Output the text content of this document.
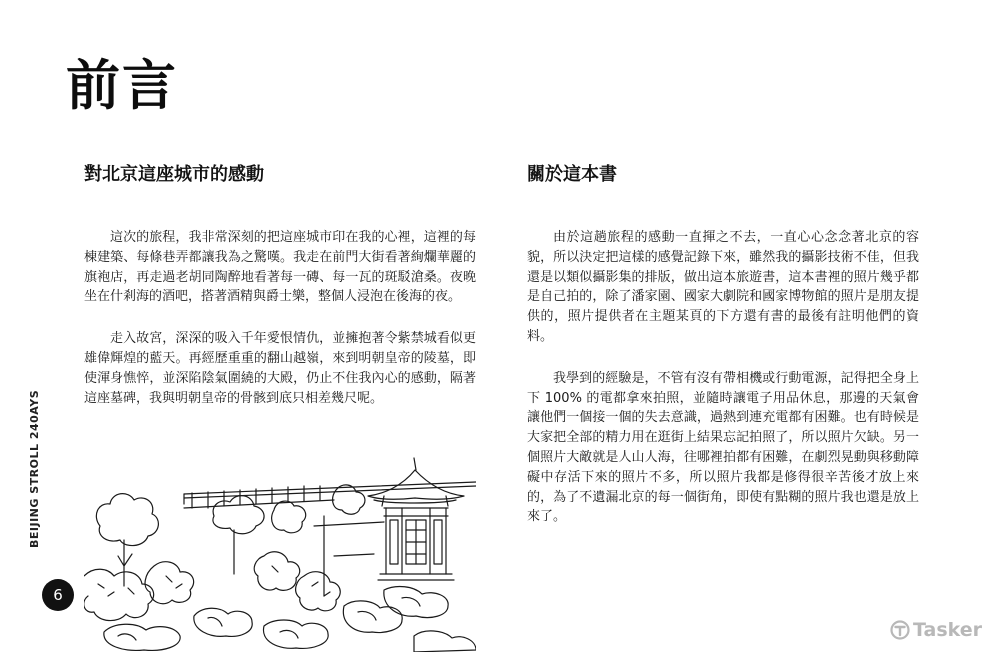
前言
對北京這座城市的感動

這次的旅程，我非常深刻的把這座城市印在我的心裡，這裡的每棟建築、每條巷弄都讓我為之驚嘆。我走在前門大街看著絢爛華麗的旗袍店，再走過老胡同陶醉地看著每一磚、每一瓦的斑駁滄桑。夜晚坐在什剎海的酒吧，搭著酒精與爵士樂，整個人浸泡在後海的夜。

走入故宮，深深的吸入千年愛恨情仇，並擁抱著令紫禁城看似更雄偉輝煌的藍天。再經歷重重的翻山越嶺，來到明朝皇帝的陵墓，即使渾身憔悴，並深陷陰氣圍繞的大殿，仍止不住我內心的感動，隔著這座墓碑，我與明朝皇帝的骨骸到底只相差幾尺呢。

關於這本書

由於這趟旅程的感動一直揮之不去，一直心心念念著北京的容貌，所以決定把這樣的感覺記錄下來，雖然我的攝影技術不佳，但我還是以類似攝影集的排版，做出這本旅遊書，這本書裡的照片幾乎都是自己拍的，除了潘家園、國家大劇院和國家博物館的照片是朋友提供的，照片提供者在主題某頁的下方還有書的最後有註明他們的資料。

我學到的經驗是，不管有沒有帶相機或行動電源，記得把全身上下 100% 的電都拿來拍照，並隨時讓電子用品休息，那邊的天氣會讓他們一個接一個的失去意識，過熱到連充電都有困難。也有時候是大家把全部的精力用在逛街上結果忘記拍照了，所以照片欠缺。另一個照片大敵就是人山人海，往哪裡拍都有困難，在劇烈晃動與移動障礙中存活下來的照片不多，所以照片我都是修得很辛苦後才放上來的，為了不遺漏北京的每一個街角，即使有點糊的照片我也還是放上來了。

BEIJING STROLL 240AYS
6
Tasker
